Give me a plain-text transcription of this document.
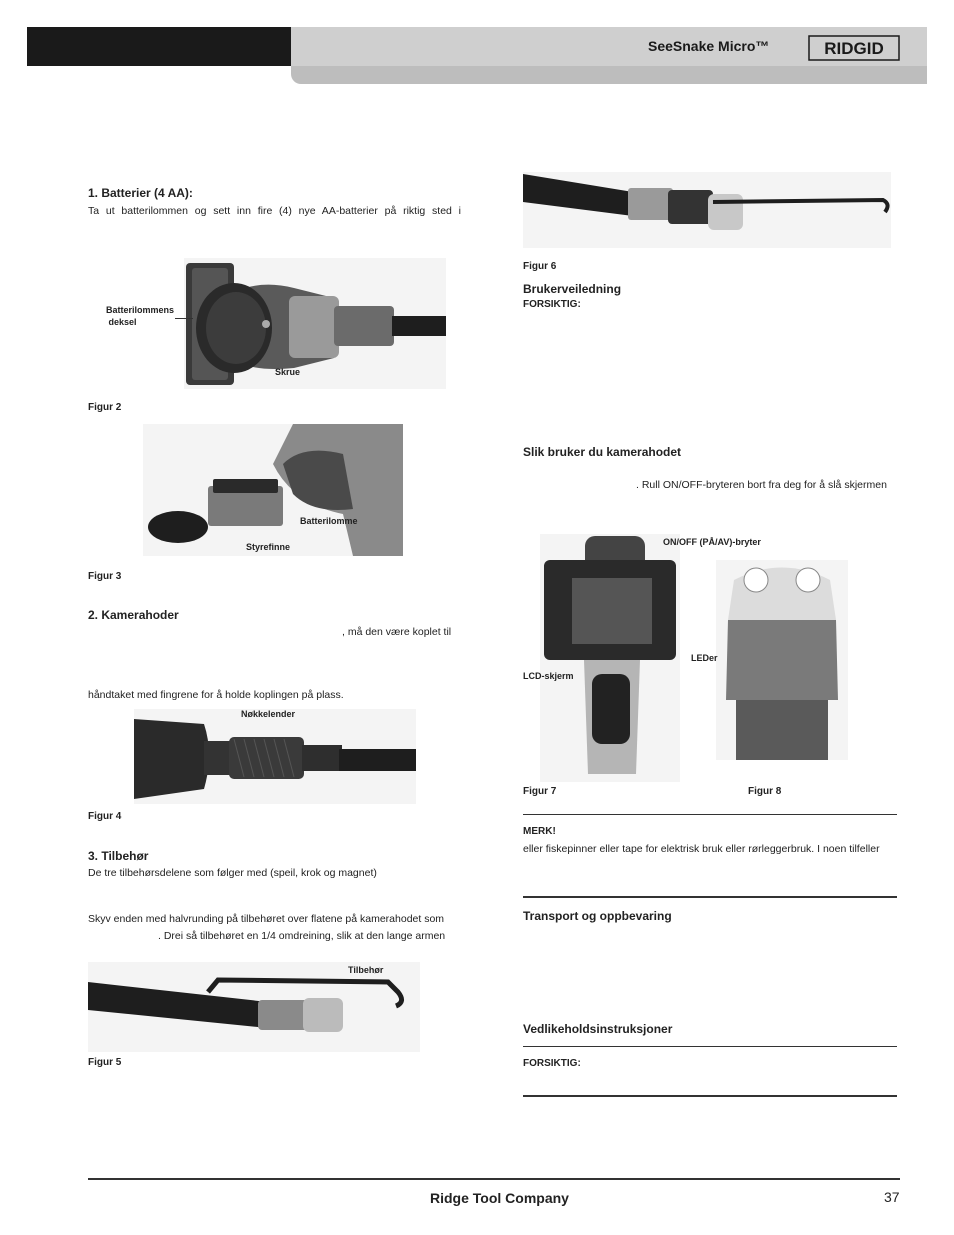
SeeSnake Micro™	RIDGID
1. Batterier (4 AA):
Ta ut batterilommen og sett inn fire (4) nye AA-batterier på riktig sted i
Batterilommens
deksel
Skrue
Figur 2
Batterilomme
Styrefinne
Figur 3
2. Kamerahoder
, må den være koplet til
håndtaket med fingrene for å holde koplingen på plass.
Nøkkelender
Figur 4
3. Tilbehør
De tre tilbehørsdelene som følger med (speil, krok og magnet)
Skyv enden med halvrunding på tilbehøret over flatene på kamerahodet som
. Drei så tilbehøret en 1/4 omdreining, slik at den lange armen
Tilbehør
Figur 5
Figur 6
Brukerveiledning
FORSIKTIG:
Slik bruker du kamerahodet
. Rull ON/OFF-bryteren bort fra deg for å slå skjermen
ON/OFF (PÅ/AV)-bryter
LCD-skjerm
LEDer
Figur 7	Figur 8
MERK!
eller fiskepinner eller tape for elektrisk bruk eller rørleggerbruk. I noen tilfeller
Transport og oppbevaring
Vedlikeholdsinstruksjoner
FORSIKTIG:
Ridge Tool Company	37
